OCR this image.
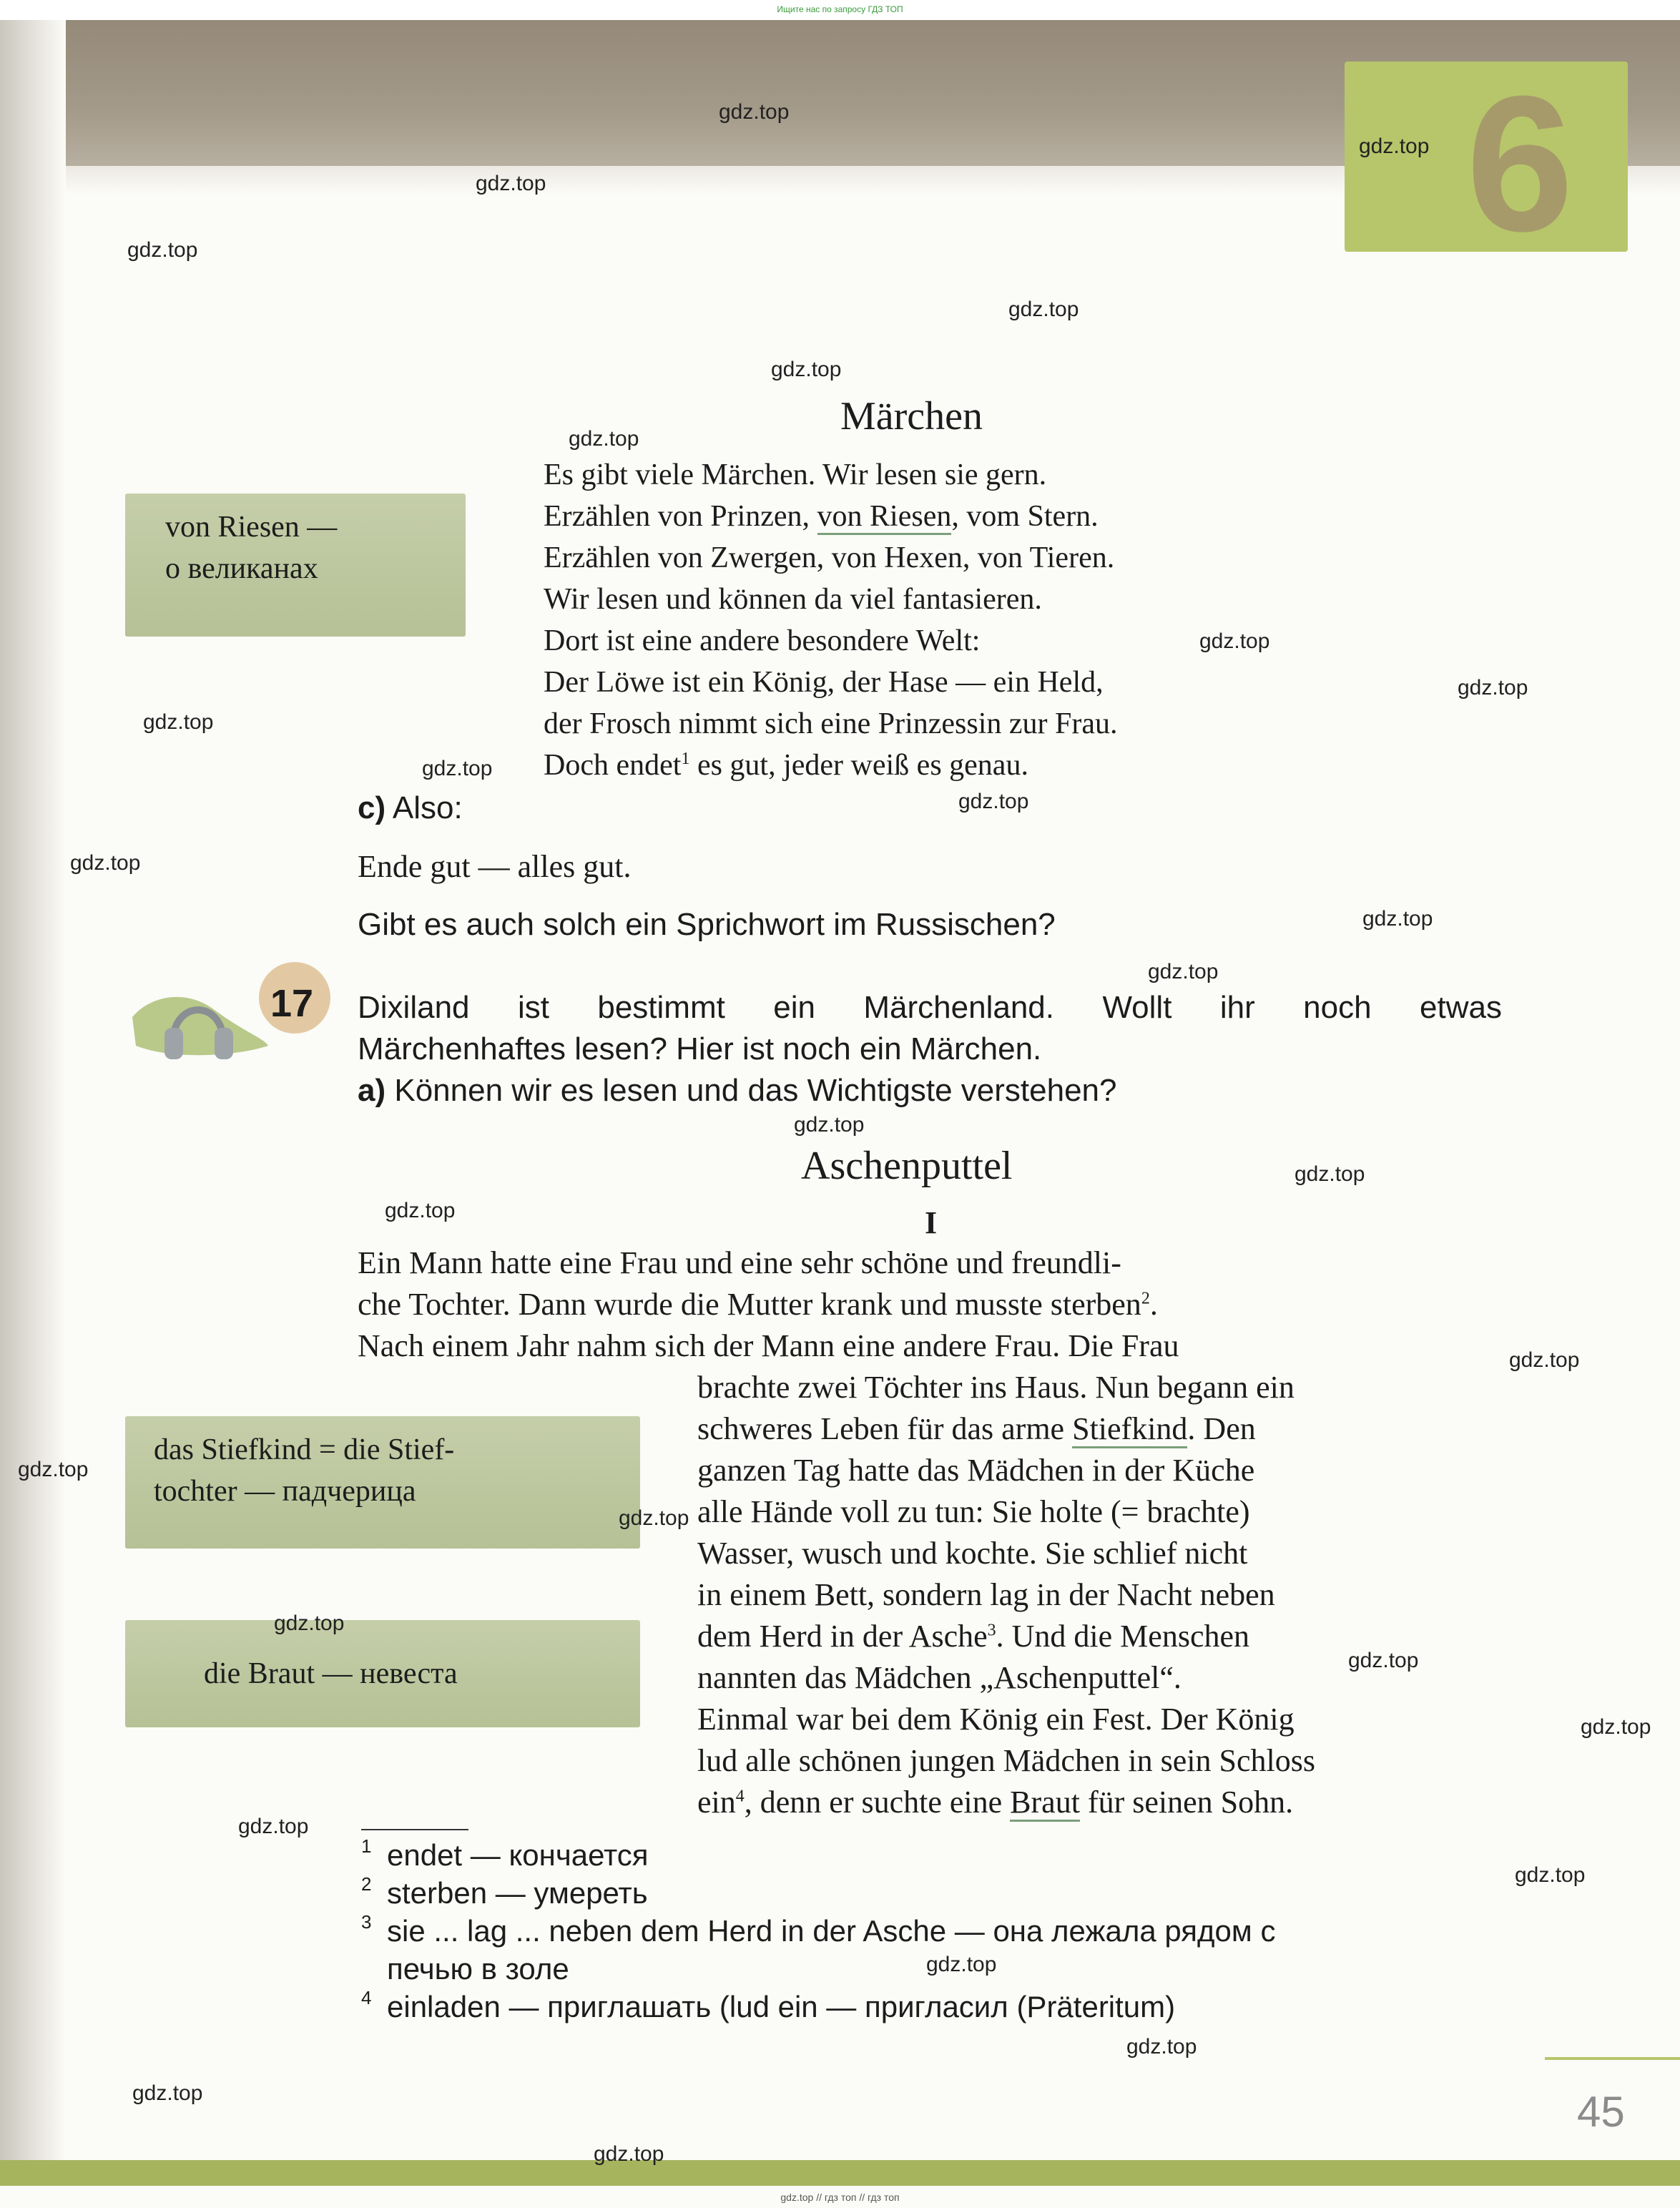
Ищите нас по запросу ГДЗ ТОП
6
gdz.top // гдз топ // гдз топ
45
von Riesen —
о великанах
das Stiefkind = die Stief-
tochter — падчерица
die Braut — невеста
Märchen
Es gibt viele Märchen. Wir lesen sie gern.
Erzählen von Prinzen, von Riesen, vom Stern.
Erzählen von Zwergen, von Hexen, von Tieren.
Wir lesen und können da viel fantasieren.
Dort ist eine andere besondere Welt:
Der Löwe ist ein König, der Hase — ein Held,
der Frosch nimmt sich eine Prinzessin zur Frau.
Doch endet$^1$ es gut, jeder weiß es genau.
c) Also:
Ende gut — alles gut.
Gibt es auch solch ein Sprichwort im Russischen?
17 Dixiland ist bestimmt ein Märchenland. Wollt ihr noch etwas
Märchenhaftes lesen? Hier ist noch ein Märchen.
a) Können wir es lesen und das Wichtigste verstehen?
Aschenputtel
I
Ein Mann hatte eine Frau und eine sehr schöne und freundli-
che Tochter. Dann wurde die Mutter krank und musste sterben$^2$.
Nach einem Jahr nahm sich der Mann eine andere Frau. Die Frau
brachte zwei Töchter ins Haus. Nun begann ein
schweres Leben für das arme Stiefkind. Den
ganzen Tag hatte das Mädchen in der Küche
alle Hände voll zu tun: Sie holte (= brachte)
Wasser, wusch und kochte. Sie schlief nicht
in einem Bett, sondern lag in der Nacht neben
dem Herd in der Asche$^3$. Und die Menschen
nannten das Mädchen „Aschenputtel“.
Einmal war bei dem König ein Fest. Der König
lud alle schönen jungen Mädchen in sein Schloss
ein$^4$, denn er suchte eine Braut für seinen Sohn.
1 endet — кончается
2 sterben — умереть
3 sie ... lag ... neben dem Herd in der Asche — она лежала рядом с
печью в золе
4 einladen — приглашать (lud ein — пригласил (Präteritum)
gdz.top
gdz.top
gdz.top
gdz.top
gdz.top
gdz.top
gdz.top
gdz.top
gdz.top
gdz.top
gdz.top
gdz.top
gdz.top
gdz.top
gdz.top
gdz.top
gdz.top
gdz.top
gdz.top
gdz.top
gdz.top
gdz.top
gdz.top
gdz.top
gdz.top
gdz.top
gdz.top
gdz.top
gdz.top
gdz.top
